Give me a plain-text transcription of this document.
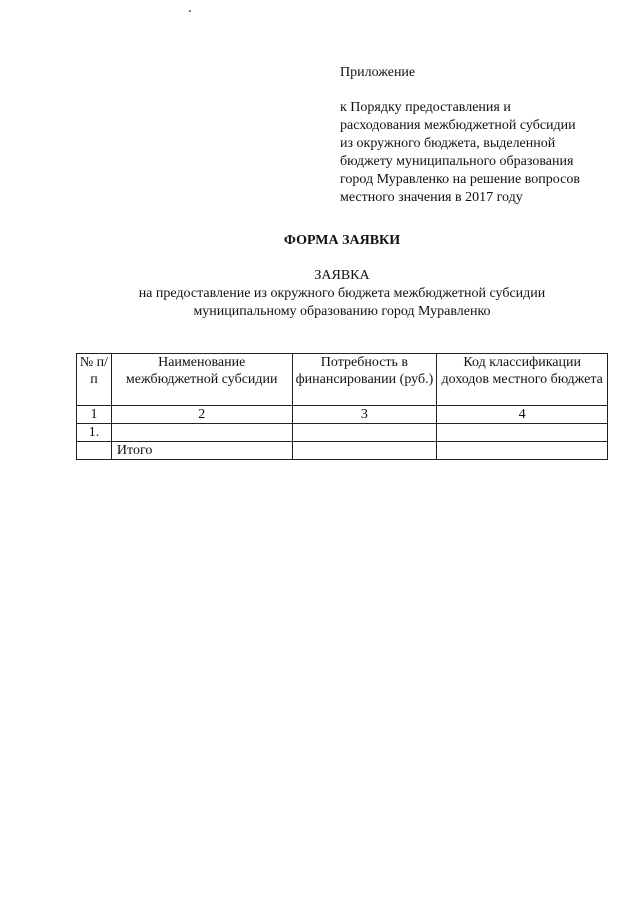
Приложение
к Порядку предоставления и
расходования межбюджетной субсидии
из окружного бюджета, выделенной
бюджету муниципального образования
город Муравленко на решение вопросов
местного значения в 2017 году
ФОРМА ЗАЯВКИ
ЗАЯВКА
на предоставление из окружного бюджета межбюджетной субсидии
муниципальному образованию город Муравленко
№ п/п	Наименование межбюджетной субсидии	Потребность в финансировании (руб.)	Код классификации доходов местного бюджета
1	2	3	4
1.			
	Итого		
